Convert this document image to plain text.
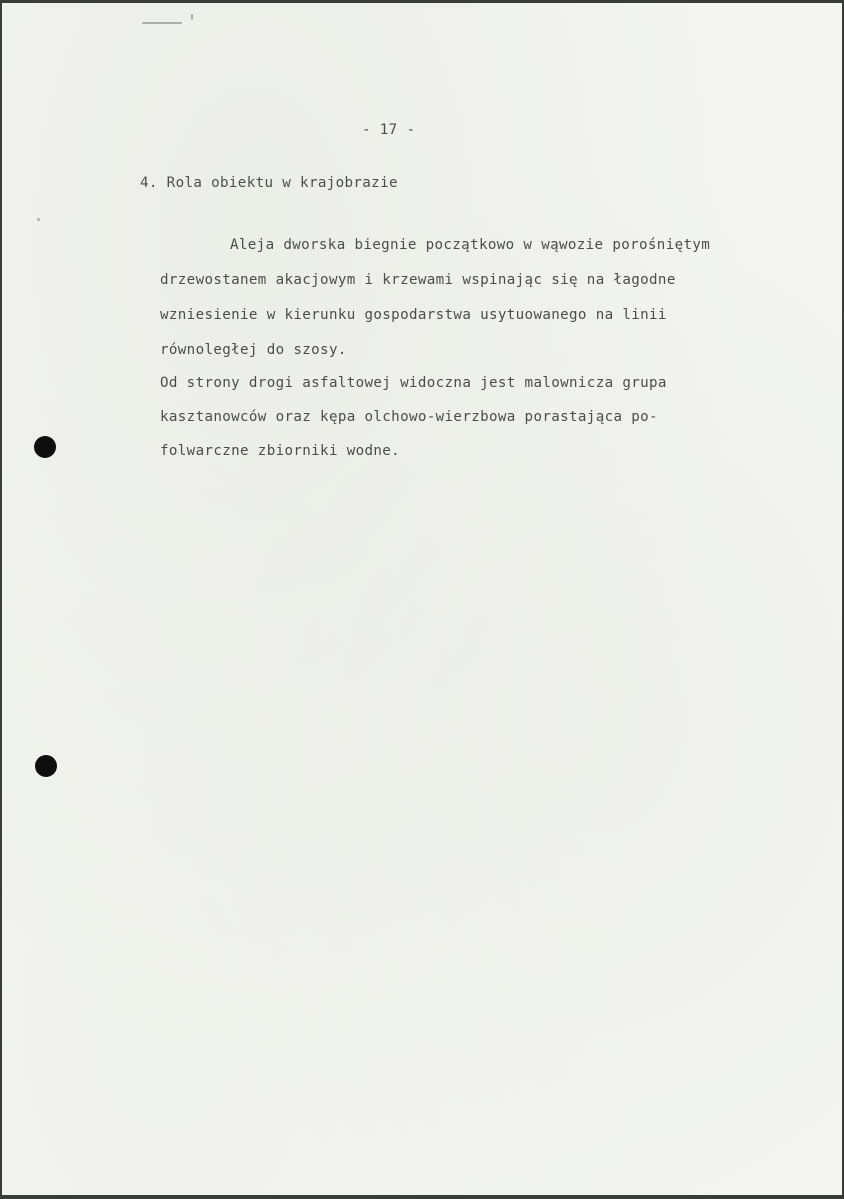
- 17 -
4. Rola obiektu w krajobrazie
Aleja dworska biegnie początkowo w wąwozie porośniętym
drzewostanem akacjowym i krzewami wspinając się na łagodne
wzniesienie w kierunku gospodarstwa usytuowanego na linii
równoległej do szosy.
Od strony drogi asfaltowej widoczna jest malownicza grupa
kasztanowców oraz kępa olchowo-wierzbowa porastająca po-
folwarczne zbiorniki wodne.
